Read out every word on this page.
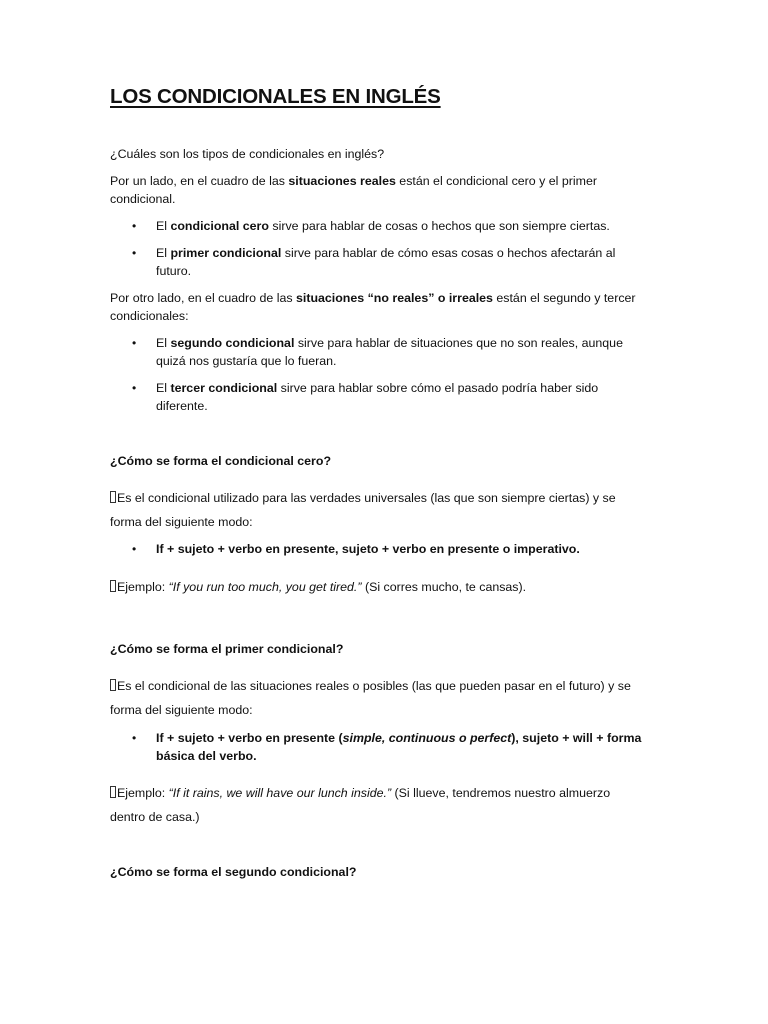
LOS CONDICIONALES EN INGLÉS

¿Cuáles son los tipos de condicionales en inglés?

Por un lado, en el cuadro de las situaciones reales están el condicional cero y el primer condicional.

•	El condicional cero sirve para hablar de cosas o hechos que son siempre ciertas.
•	El primer condicional sirve para hablar de cómo esas cosas o hechos afectarán al futuro.

Por otro lado, en el cuadro de las situaciones “no reales” o irreales están el segundo y tercer condicionales:

•	El segundo condicional sirve para hablar de situaciones que no son reales, aunque quizá nos gustaría que lo fueran.
•	El tercer condicional sirve para hablar sobre cómo el pasado podría haber sido diferente.
¿Cómo se forma el condicional cero?

Es el condicional utilizado para las verdades universales (las que son siempre ciertas) y se forma del siguiente modo:

•	If + sujeto + verbo en presente, sujeto + verbo en presente o imperativo.

Ejemplo: “If you run too much, you get tired.” (Si corres mucho, te cansas).

¿Cómo se forma el primer condicional?

Es el condicional de las situaciones reales o posibles (las que pueden pasar en el futuro) y se forma del siguiente modo:

•	If + sujeto + verbo en presente (simple, continuous o perfect), sujeto + will + forma básica del verbo.

Ejemplo: “If it rains, we will have our lunch inside.” (Si llueve, tendremos nuestro almuerzo dentro de casa.)

¿Cómo se forma el segundo condicional?
